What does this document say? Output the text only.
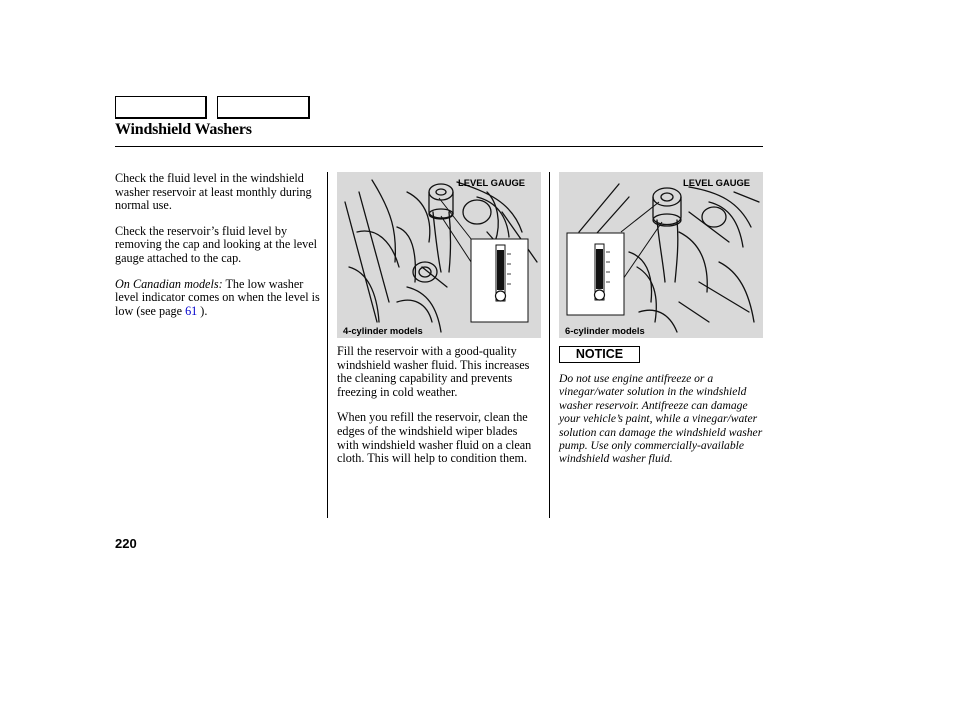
Windshield Washers

Check the fluid level in the windshield washer reservoir at least monthly during normal use.

Check the reservoir’s fluid level by removing the cap and looking at the level gauge attached to the cap.

On Canadian models: The low washer level indicator comes on when the level is low (see page 61 ).

LEVEL GAUGE
4-cylinder models
LEVEL GAUGE
6-cylinder models

Fill the reservoir with a good-quality windshield washer fluid. This increases the cleaning capability and prevents freezing in cold weather.

When you refill the reservoir, clean the edges of the windshield wiper blades with windshield washer fluid on a clean cloth. This will help to condition them.

NOTICE
Do not use engine antifreeze or a vinegar/water solution in the windshield washer reservoir. Antifreeze can damage your vehicle’s paint, while a vinegar/water solution can damage the windshield washer pump. Use only commercially-available windshield washer fluid.
220
